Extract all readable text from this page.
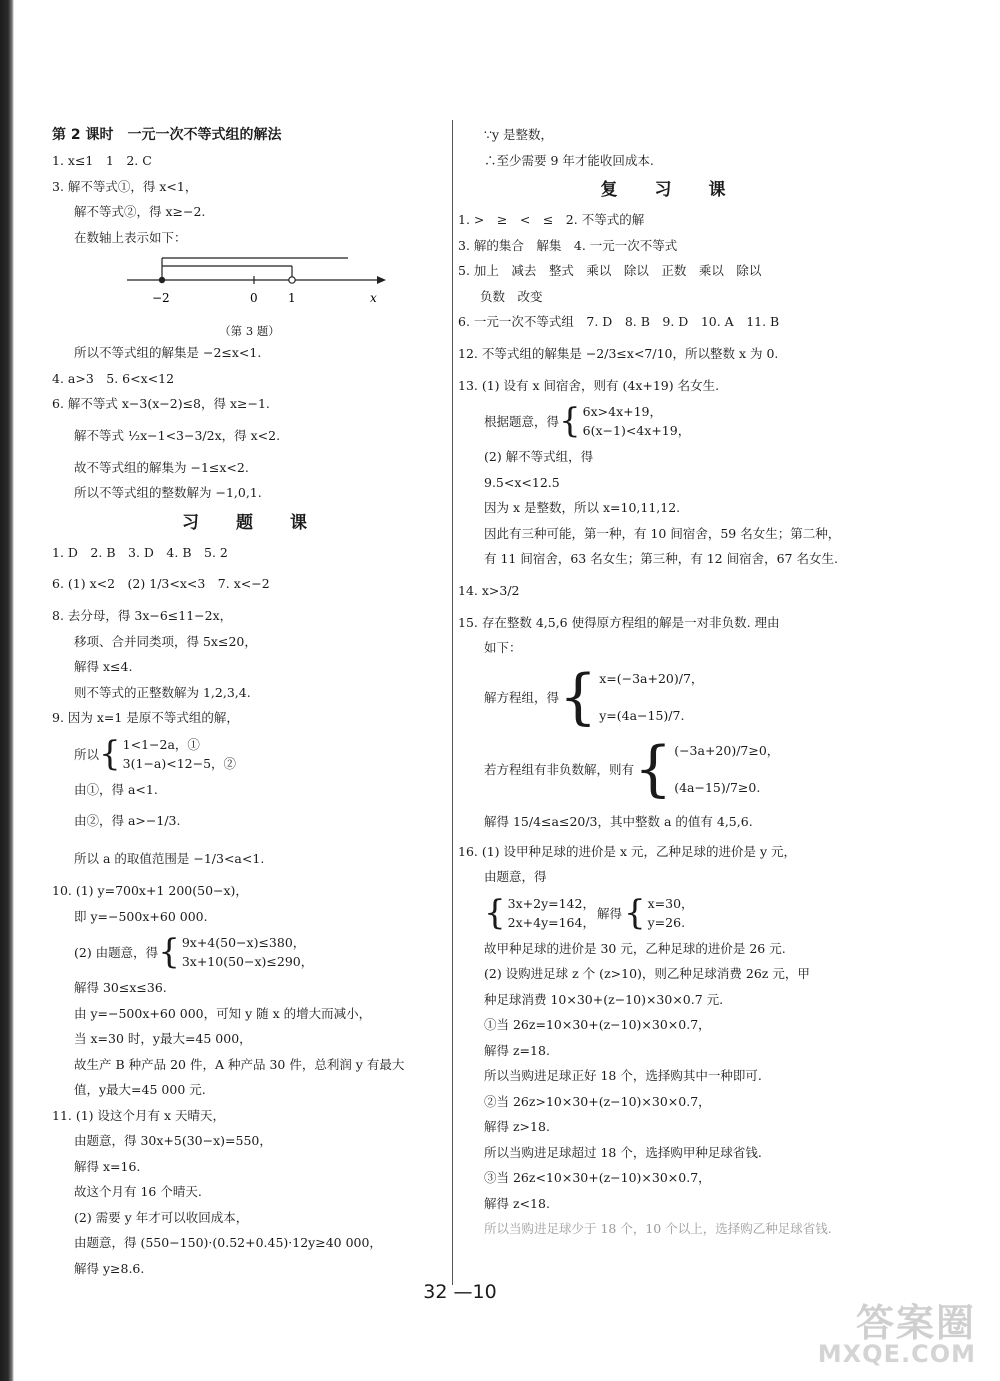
第 2 课时　一元一次不等式组的解法
1. x≤1　1　2. C
3. 解不等式①，得 x<1，
解不等式②，得 x≥−2.
在数轴上表示如下：
−2	0	1	x
（第 3 题）
所以不等式组的解集是 −2≤x<1.
4. a>3　5. 6<x<12
6. 解不等式 x−3(x−2)≤8，得 x≥−1.
解不等式 ½x−1<3−3/2x，得 x<2.
故不等式组的解集为 −1≤x<2.
所以不等式组的整数解为 −1,0,1.
习　题　课
1. D　2. B　3. D　4. B　5. 2
6. (1) x<2　(2) 1/3<x<3　7. x<−2
8. 去分母，得 3x−6≤11−2x，
移项、合并同类项，得 5x≤20，
解得 x≤4.
则不等式的正整数解为 1,2,3,4.
9. 因为 x=1 是原不等式组的解，
所以 { 1<1−2a，①
3(1−a)<12−5，②
由①，得 a<1.
由②，得 a>−1/3.
所以 a 的取值范围是 −1/3<a<1.
10. (1) y=700x+1 200(50−x)，
即 y=−500x+60 000.
(2) 由题意，得 { 9x+4(50−x)≤380，
3x+10(50−x)≤290，
解得 30≤x≤36.
由 y=−500x+60 000，可知 y 随 x 的增大而减小，
当 x=30 时，y最大=45 000，
故生产 B 种产品 20 件，A 种产品 30 件，总利润 y 有最大
值，y最大=45 000 元.
11. (1) 设这个月有 x 天晴天，
由题意，得 30x+5(30−x)=550，
解得 x=16.
故这个月有 16 个晴天.
(2) 需要 y 年才可以收回成本，
由题意，得 (550−150)·(0.52+0.45)·12y≥40 000，
解得 y≥8.6.
∵y 是整数，
∴至少需要 9 年才能收回成本.
复　习　课
1. >　≥　<　≤　2. 不等式的解
3. 解的集合　解集　4. 一元一次不等式
5. 加上　减去　整式　乘以　除以　正数　乘以　除以
负数　改变
6. 一元一次不等式组　7. D　8. B　9. D　10. A　11. B
12. 不等式组的解集是 −2/3≤x<7/10，所以整数 x 为 0.
13. (1) 设有 x 间宿舍，则有 (4x+19) 名女生.
根据题意，得 { 6x>4x+19，
6(x−1)<4x+19，
(2) 解不等式组，得
9.5<x<12.5
因为 x 是整数，所以 x=10,11,12.
因此有三种可能，第一种，有 10 间宿舍，59 名女生；第二种，
有 11 间宿舍，63 名女生；第三种，有 12 间宿舍，67 名女生.
14. x>3/2
15. 存在整数 4,5,6 使得原方程组的解是一对非负数. 理由
如下：
解方程组，得 { x=(−3a+20)/7，
y=(4a−15)/7.
若方程组有非负数解，则有 { (−3a+20)/7≥0，
(4a−15)/7≥0.
解得 15/4≤a≤20/3，其中整数 a 的值有 4,5,6.
16. (1) 设甲种足球的进价是 x 元，乙种足球的进价是 y 元，
由题意，得
{ 3x+2y=142，
2x+4y=164，
解得 { x=30，
y=26.
故甲种足球的进价是 30 元，乙种足球的进价是 26 元.
(2) 设购进足球 z 个 (z>10)，则乙种足球消费 26z 元，甲
种足球消费 10×30+(z−10)×30×0.7 元.
①当 26z=10×30+(z−10)×30×0.7，
解得 z=18.
所以当购进足球正好 18 个，选择购其中一种即可.
②当 26z>10×30+(z−10)×30×0.7，
解得 z>18.
所以当购进足球超过 18 个，选择购甲种足球省钱.
③当 26z<10×30+(z−10)×30×0.7，
解得 z<18.
所以当购进足球少于 18 个，10 个以上，选择购乙种足球省钱.
32 —10
答案圈
MXQE.COM
